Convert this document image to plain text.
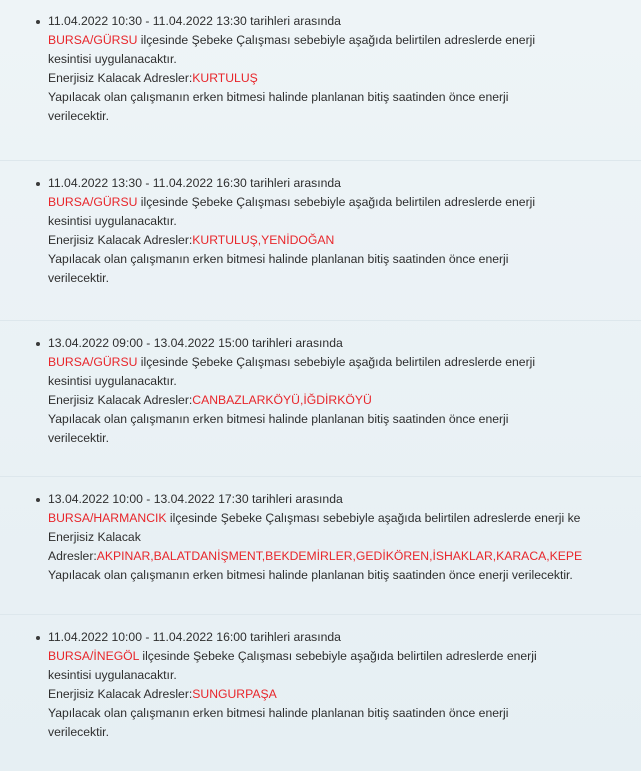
11.04.2022 10:30 - 11.04.2022 13:30 tarihleri arasında
BURSA/GÜRSU ilçesinde Şebeke Çalışması sebebiyle aşağıda belirtilen adreslerde enerji
kesintisi uygulanacaktır.
Enerjisiz Kalacak Adresler:KURTULUŞ
Yapılacak olan çalışmanın erken bitmesi halinde planlanan bitiş saatinden önce enerji
verilecektir.
11.04.2022 13:30 - 11.04.2022 16:30 tarihleri arasında
BURSA/GÜRSU ilçesinde Şebeke Çalışması sebebiyle aşağıda belirtilen adreslerde enerji
kesintisi uygulanacaktır.
Enerjisiz Kalacak Adresler:KURTULUŞ,YENİDOĞAN
Yapılacak olan çalışmanın erken bitmesi halinde planlanan bitiş saatinden önce enerji
verilecektir.
13.04.2022 09:00 - 13.04.2022 15:00 tarihleri arasında
BURSA/GÜRSU ilçesinde Şebeke Çalışması sebebiyle aşağıda belirtilen adreslerde enerji
kesintisi uygulanacaktır.
Enerjisiz Kalacak Adresler:CANBAZLARKÖYÜ,İĞDİRKÖYÜ
Yapılacak olan çalışmanın erken bitmesi halinde planlanan bitiş saatinden önce enerji
verilecektir.
13.04.2022 10:00 - 13.04.2022 17:30 tarihleri arasında
BURSA/HARMANCIK ilçesinde Şebeke Çalışması sebebiyle aşağıda belirtilen adreslerde enerji ke
Enerjisiz Kalacak
Adresler:AKPINAR,BALATDANİŞMENT,BEKDEMİRLER,GEDİKÖREN,İSHAKLAR,KARACA,KEPE
Yapılacak olan çalışmanın erken bitmesi halinde planlanan bitiş saatinden önce enerji verilecektir.
11.04.2022 10:00 - 11.04.2022 16:00 tarihleri arasında
BURSA/İNEGÖL ilçesinde Şebeke Çalışması sebebiyle aşağıda belirtilen adreslerde enerji
kesintisi uygulanacaktır.
Enerjisiz Kalacak Adresler:SUNGURPAŞA
Yapılacak olan çalışmanın erken bitmesi halinde planlanan bitiş saatinden önce enerji
verilecektir.
